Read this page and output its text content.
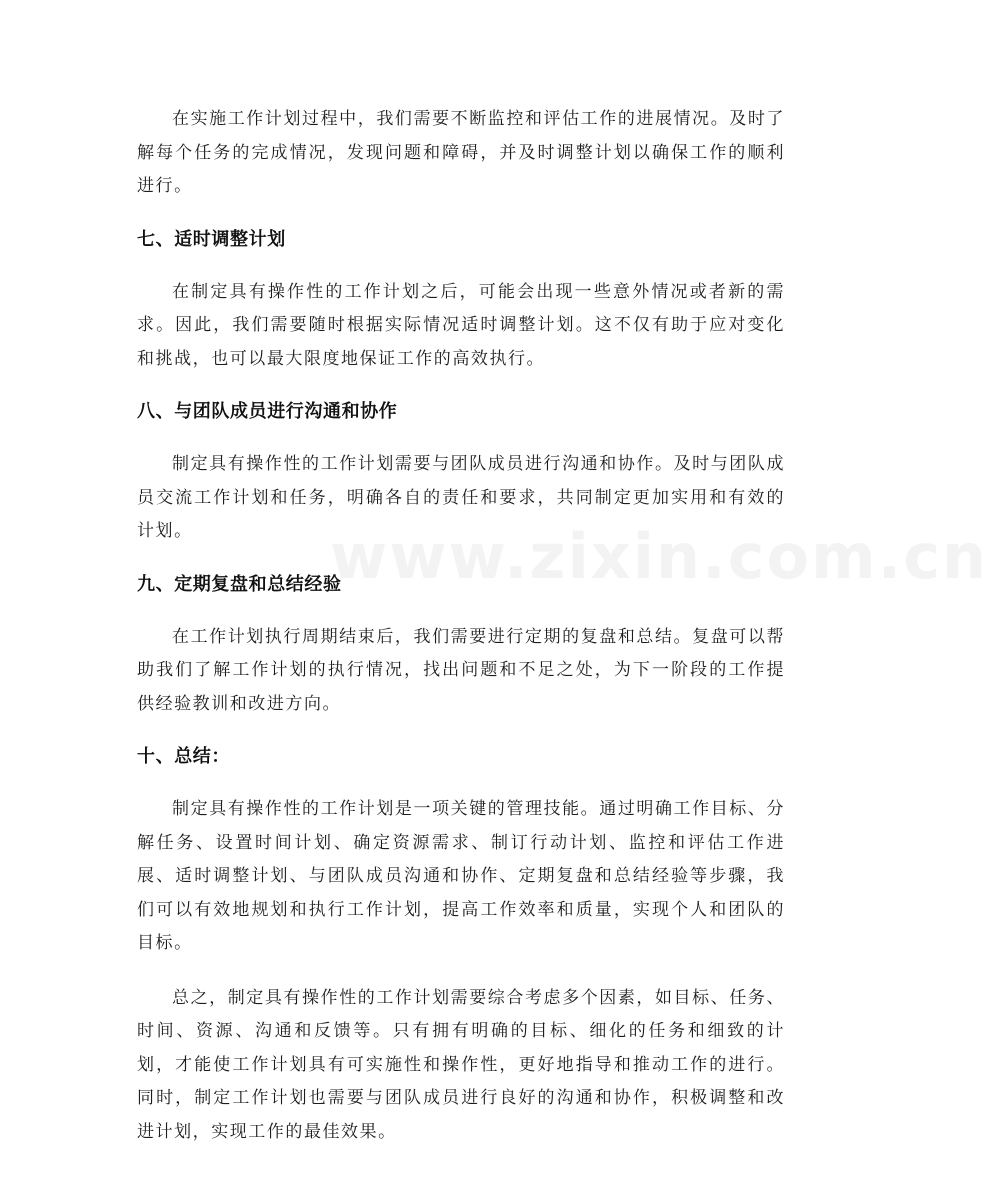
在实施工作计划过程中，我们需要不断监控和评估工作的进展情况。及时了解每个任务的完成情况，发现问题和障碍，并及时调整计划以确保工作的顺利进行。

七、适时调整计划

在制定具有操作性的工作计划之后，可能会出现一些意外情况或者新的需求。因此，我们需要随时根据实际情况适时调整计划。这不仅有助于应对变化和挑战，也可以最大限度地保证工作的高效执行。

八、与团队成员进行沟通和协作

制定具有操作性的工作计划需要与团队成员进行沟通和协作。及时与团队成员交流工作计划和任务，明确各自的责任和要求，共同制定更加实用和有效的计划。

九、定期复盘和总结经验

在工作计划执行周期结束后，我们需要进行定期的复盘和总结。复盘可以帮助我们了解工作计划的执行情况，找出问题和不足之处，为下一阶段的工作提供经验教训和改进方向。

十、总结：

制定具有操作性的工作计划是一项关键的管理技能。通过明确工作目标、分解任务、设置时间计划、确定资源需求、制订行动计划、监控和评估工作进展、适时调整计划、与团队成员沟通和协作、定期复盘和总结经验等步骤，我们可以有效地规划和执行工作计划，提高工作效率和质量，实现个人和团队的目标。

总之，制定具有操作性的工作计划需要综合考虑多个因素，如目标、任务、时间、资源、沟通和反馈等。只有拥有明确的目标、细化的任务和细致的计划，才能使工作计划具有可实施性和操作性，更好地指导和推动工作的进行。同时，制定工作计划也需要与团队成员进行良好的沟通和协作，积极调整和改进计划，实现工作的最佳效果。

www.zixin.com.cn
